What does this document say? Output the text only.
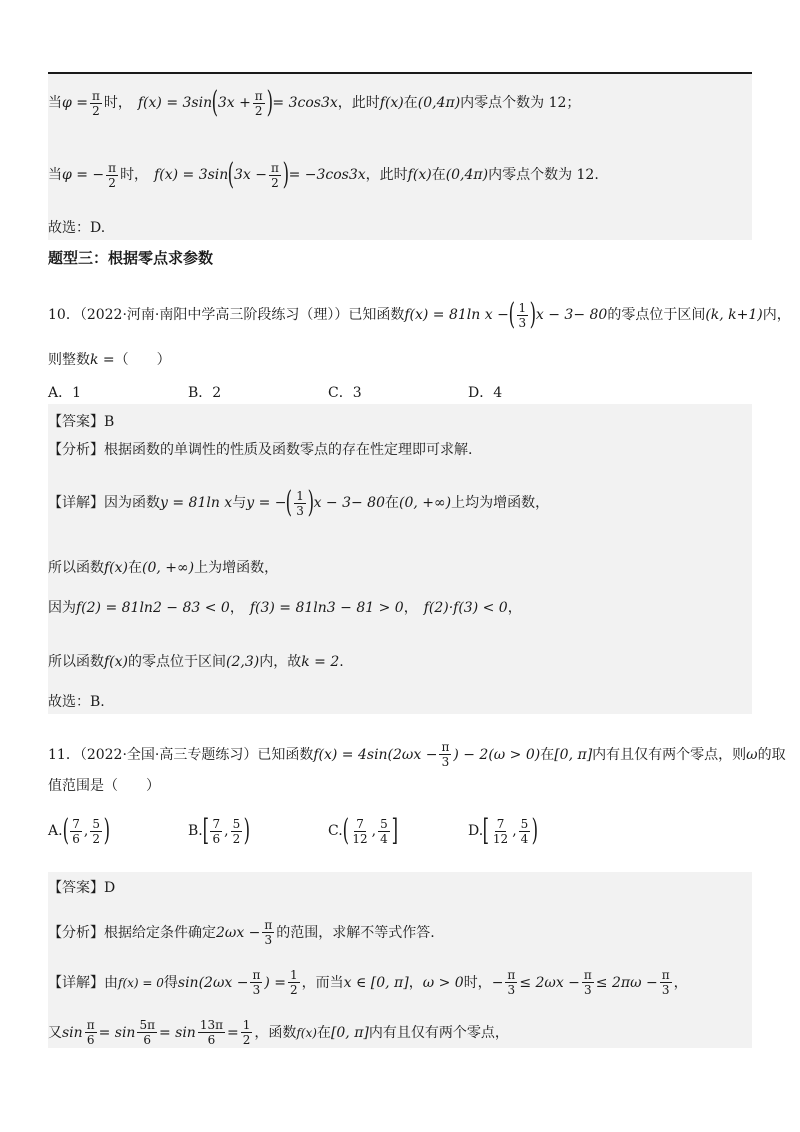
当 $\varphi = \frac{\pi}{2}$ 时， f(x) = 3sin ( $3x + \frac{\pi}{2}$ ) = 3cos3x ，此时 f(x) 在 (0,4π) 内零点个数为 12；
当 φ = − $\frac{\pi}{2}$ 时， f(x) = 3sin ( $3x - \frac{\pi}{2}$ ) = −3cos3x ，此时 f(x) 在 (0,4π) 内零点个数为 12.
故选：D.
题型三：根据零点求参数
10．（2022·河南·南阳中学高三阶段练习（理））已知函数 f(x) = 81ln x − ( $\frac{1}{3}$ ) x − 3 − 80 的零点位于区间 (k, k+1) 内，
则整数 k = （　　）
A．1	B．2	C．3	D．4
【答案】B
【分析】根据函数的单调性的性质及函数零点的存在性定理即可求解.
【详解】因为函数 y = 81ln x 与 y = − ( $\frac{1}{3}$ ) x − 3 − 80 在 (0, +∞) 上均为增函数，
所以函数 f(x) 在 (0, +∞) 上为增函数，
因为 f(2) = 81ln2 − 83 < 0 ， f(3) = 81ln3 − 81 > 0 ， f(2)·f(3) < 0 ，
所以函数 f(x) 的零点位于区间 (2,3) 内，故 k = 2 .
故选：B.
11．（2022·全国·高三专题练习）已知函数 $f(x) = 4\sin(2\omega x - \frac{\pi}{3}$ ) − 2(ω > 0) 在 [0, π] 内有且仅有两个零点，则 ω 的取
值范围是（　　）
A. ( $\frac{7}{6}$ , $\frac{5}{2}$ )	B. [ $\frac{7}{6}$ , $\frac{5}{2}$ )	C. ( $\frac{7}{12}$ , $\frac{5}{4}$ ]	D. [ $\frac{7}{12}$ , $\frac{5}{4}$ )
【答案】D
【分析】根据给定条件确定 $2\omega x - \frac{\pi}{3}$ 的范围，求解不等式作答.
【详解】由 f(x) = 0 得 $\sin(2\omega x - \frac{\pi}{3}$ ) = $\frac{1}{2}$ ，而当 x ∈ [0, π] ， ω > 0 时， − $\frac{\pi}{3} \le 2\omega x - \frac{\pi}{3} \le 2\pi\omega - \frac{\pi}{3}$ ，
又 $\sin \frac{\pi}{6} = \sin \frac{5\pi}{6} = \sin \frac{13\pi}{6} = \frac{1}{2}$ ，函数 f(x) 在 [0, π] 内有且仅有两个零点，
